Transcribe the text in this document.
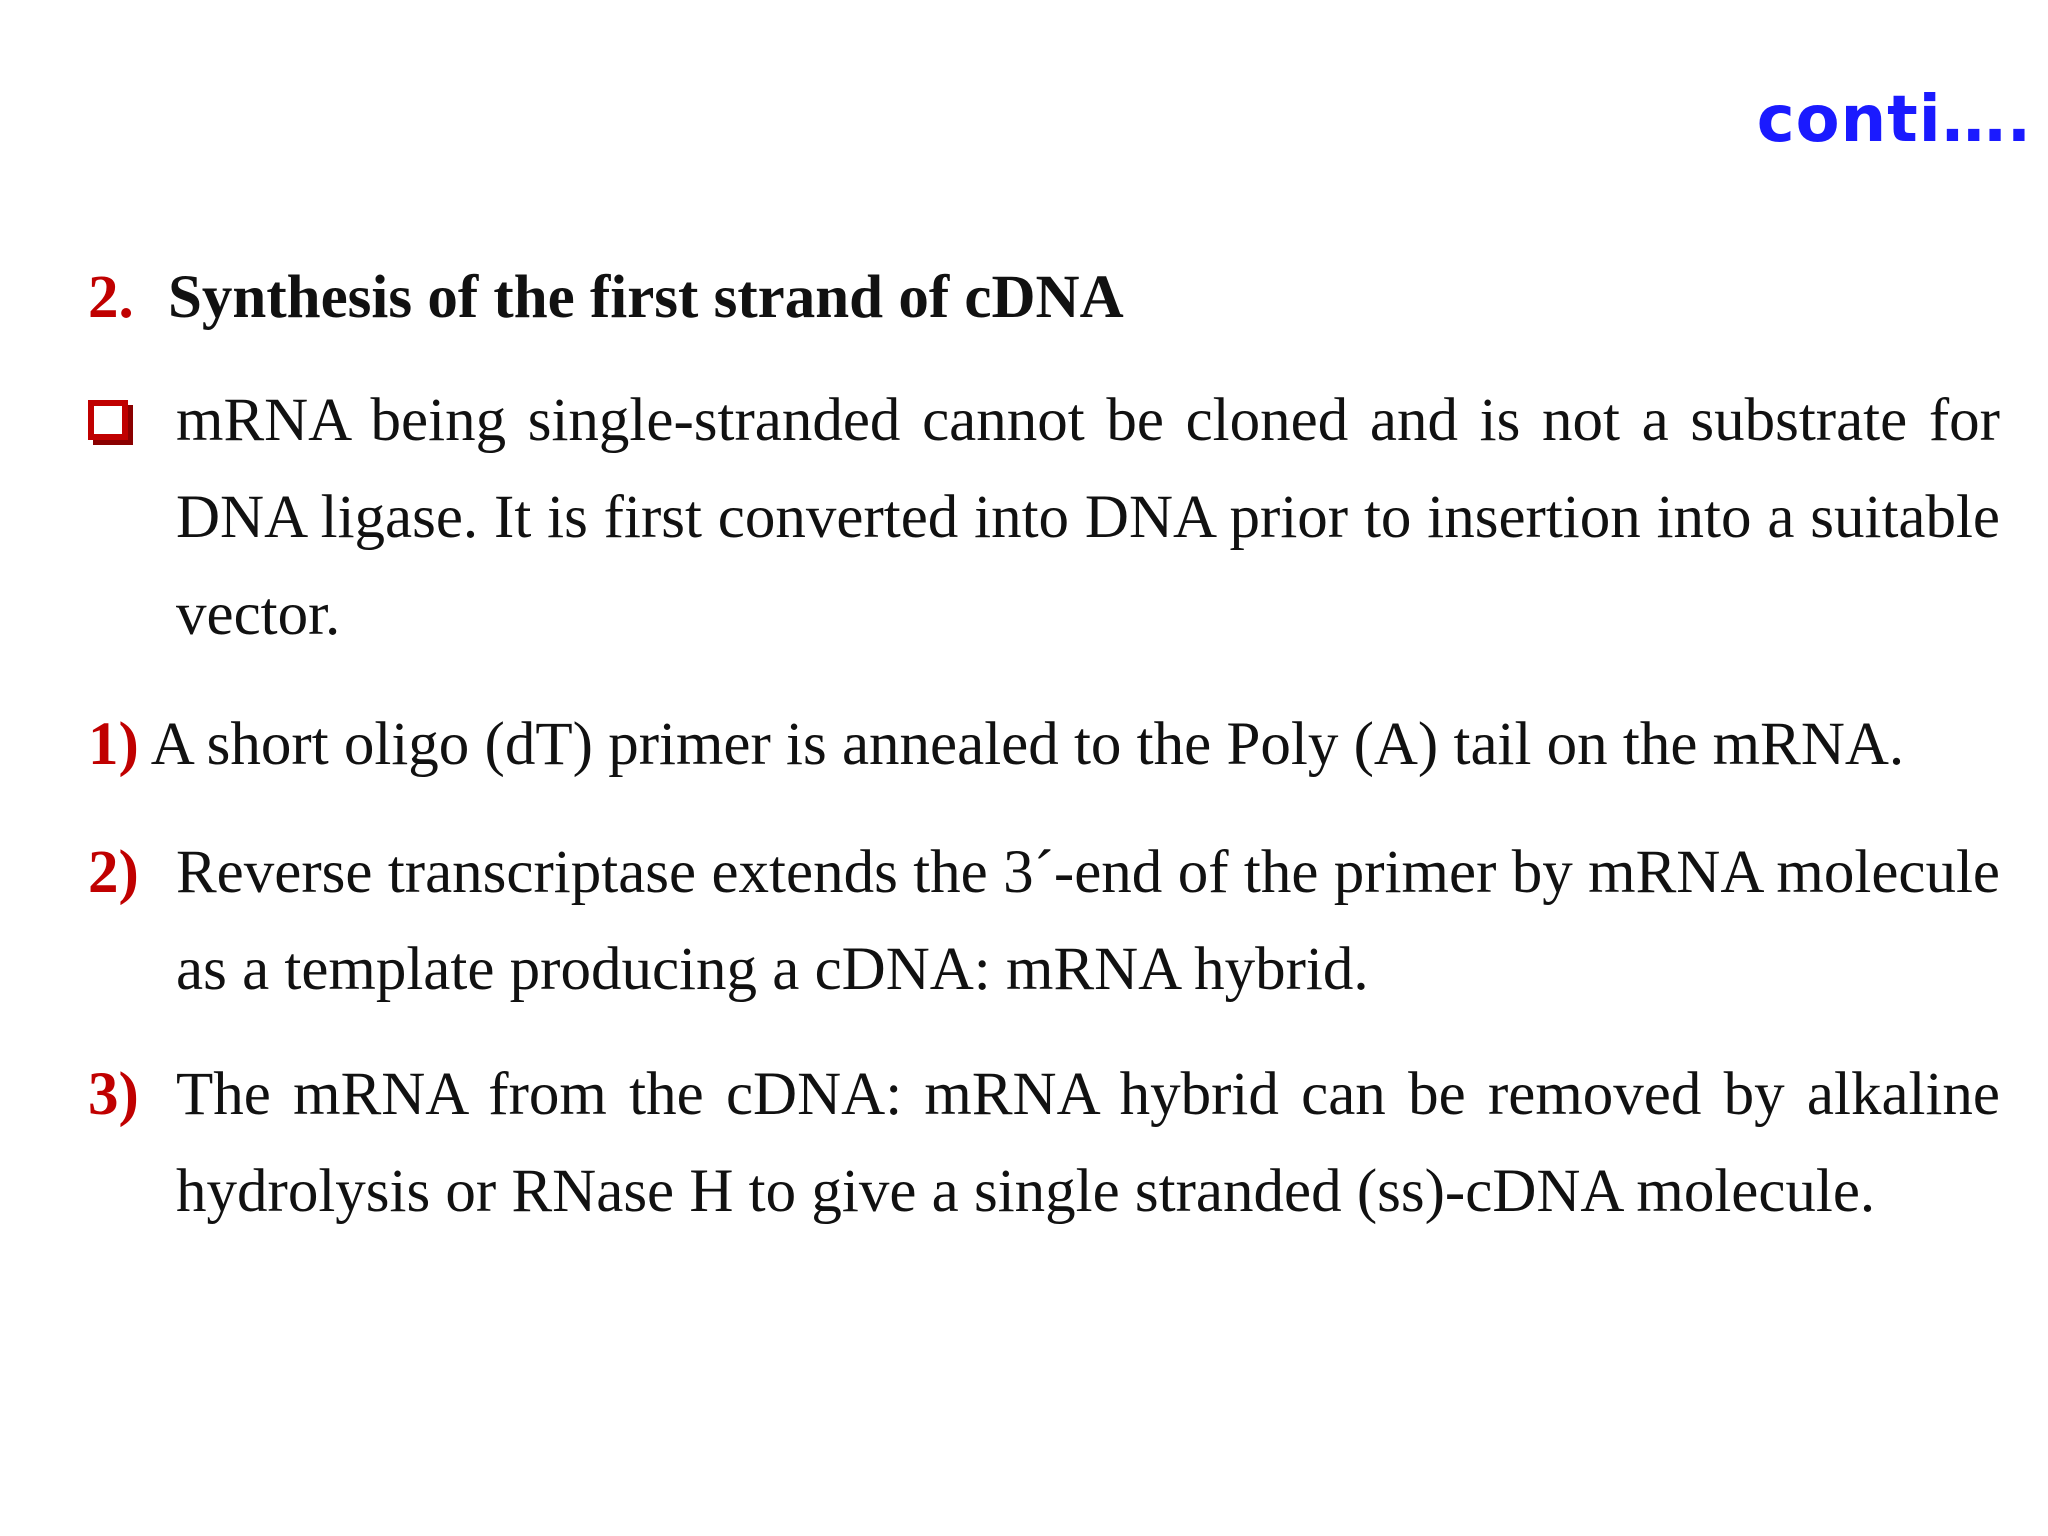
conti….
2. Synthesis of the first strand of cDNA
mRNA being single-stranded cannot be cloned and is not a substrate for DNA ligase. It is first converted into DNA prior to insertion into a suitable vector.
1) A short oligo (dT) primer is annealed to the Poly (A) tail on the mRNA.
2) Reverse transcriptase extends the 3´-end of the primer by mRNA molecule as a template producing a cDNA: mRNA hybrid.
3) The mRNA from the cDNA: mRNA hybrid can be removed by alkaline hydrolysis or RNase H to give a single stranded (ss)-cDNA molecule.
